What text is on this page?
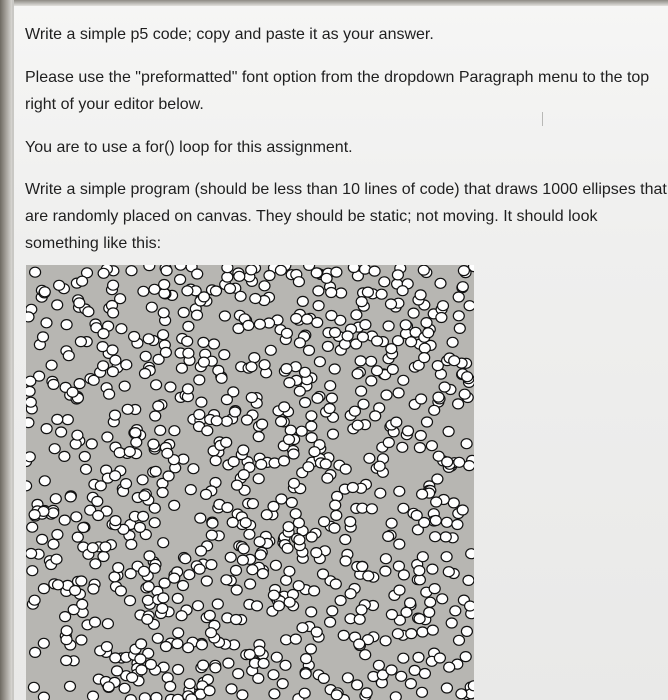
Write a simple p5 code; copy and paste it as your answer.
Please use the "preformatted" font option from the dropdown Paragraph menu to the top right of your editor below.
You are to use a for() loop for this assignment.
Write a simple program (should be less than 10 lines of code) that draws 1000 ellipses that are randomly placed on canvas. They should be static; not moving. It should look something like this:
